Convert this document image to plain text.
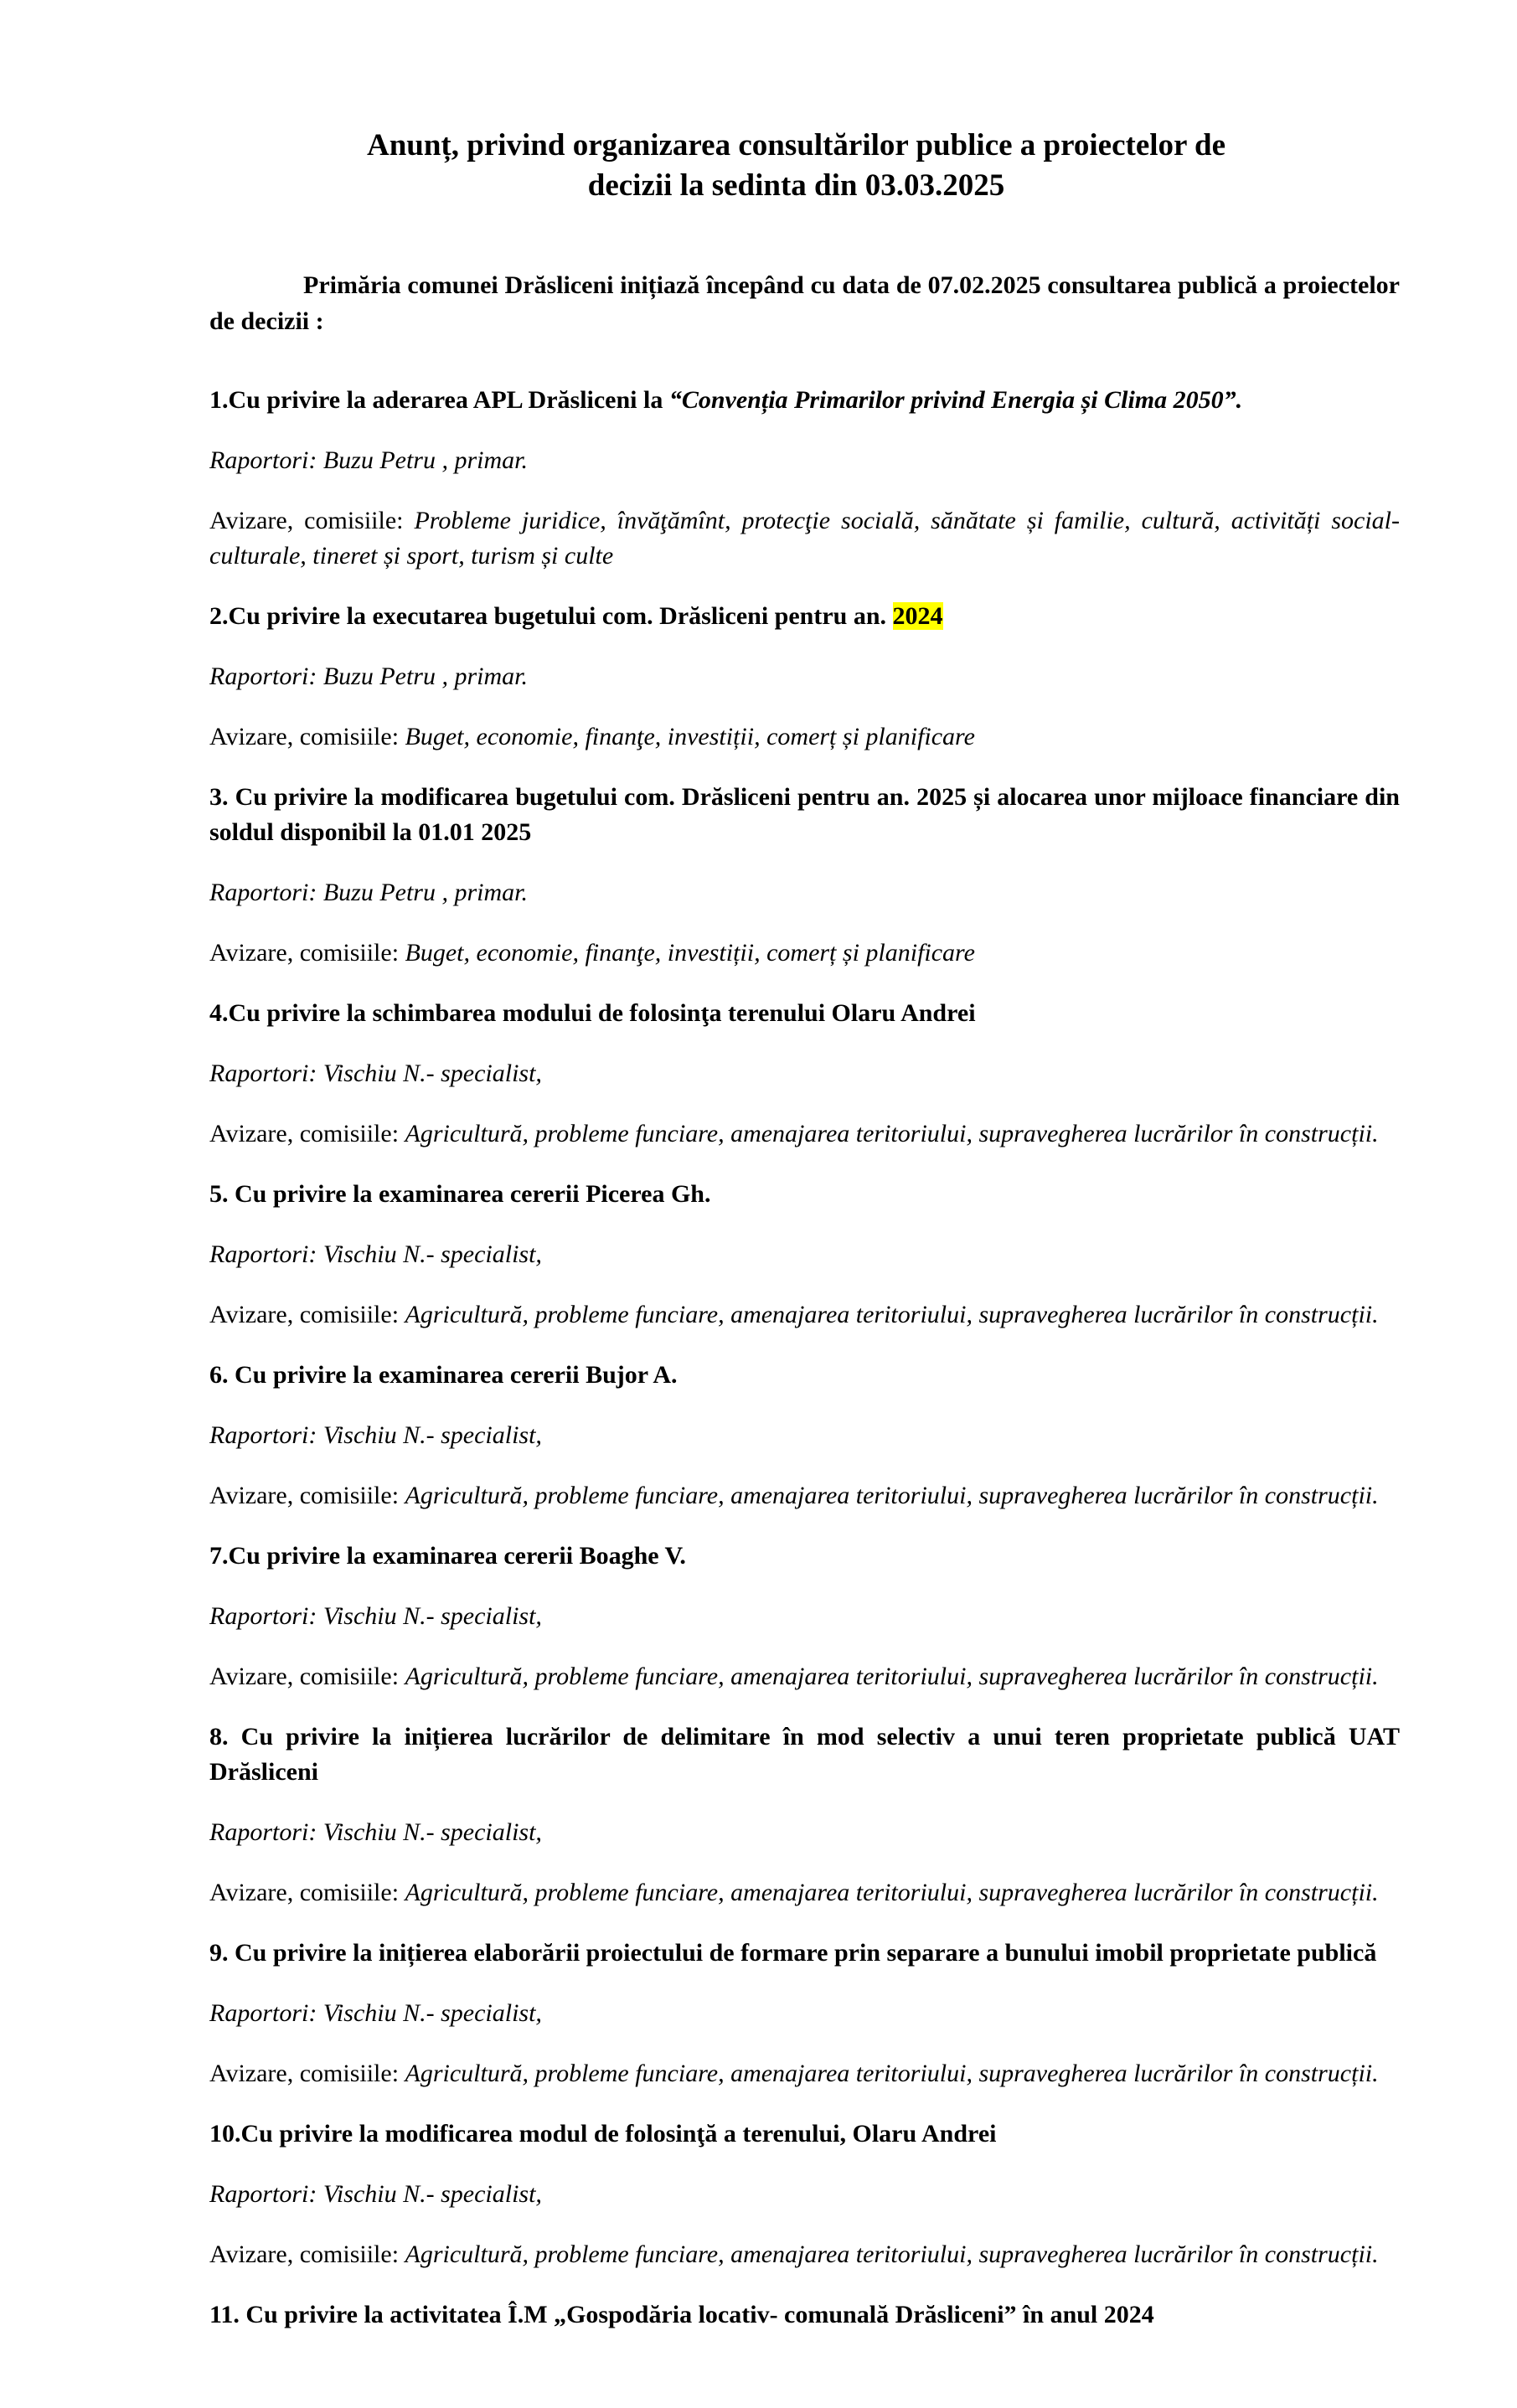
Anunț, privind organizarea consultărilor publice a proiectelor de
decizii la sedinta din 03.03.2025

Primăria comunei Drăsliceni inițiază începând cu data de 07.02.2025 consultarea publică a proiectelor de decizii :

1.Cu privire la aderarea APL Drăsliceni la “Convenția Primarilor privind Energia și Clima 2050”.

Raportori: Buzu Petru , primar.

Avizare, comisiile: Probleme juridice, învăţămînt, protecţie socială, sănătate și familie, cultură, activități social-culturale, tineret și sport, turism și culte

2.Cu privire la executarea bugetului com. Drăsliceni pentru an. 2024

Raportori: Buzu Petru , primar.

Avizare, comisiile: Buget, economie, finanţe, investiții, comerț și planificare

3. Cu privire la modificarea bugetului com. Drăsliceni pentru an. 2025 și alocarea unor mijloace financiare din soldul disponibil la 01.01 2025

Raportori: Buzu Petru , primar.

Avizare, comisiile: Buget, economie, finanţe, investiții, comerț și planificare

4.Cu privire la schimbarea modului de folosinţa terenului Olaru Andrei

Raportori: Vischiu N.- specialist,

Avizare, comisiile: Agricultură, probleme funciare, amenajarea teritoriului, supravegherea lucrărilor în construcții.

5. Cu privire la examinarea cererii Picerea Gh.

Raportori: Vischiu N.- specialist,

Avizare, comisiile: Agricultură, probleme funciare, amenajarea teritoriului, supravegherea lucrărilor în construcții.

6. Cu privire la examinarea cererii Bujor A.

Raportori: Vischiu N.- specialist,

Avizare, comisiile: Agricultură, probleme funciare, amenajarea teritoriului, supravegherea lucrărilor în construcții.

7.Cu privire la examinarea cererii Boaghe V.

Raportori: Vischiu N.- specialist,

Avizare, comisiile: Agricultură, probleme funciare, amenajarea teritoriului, supravegherea lucrărilor în construcții.

8. Cu privire la inițierea lucrărilor de delimitare în mod selectiv a unui teren proprietate publică UAT Drăsliceni

Raportori: Vischiu N.- specialist,

Avizare, comisiile: Agricultură, probleme funciare, amenajarea teritoriului, supravegherea lucrărilor în construcții.

9. Cu privire la inițierea elaborării proiectului de formare prin separare a bunului imobil proprietate publică

Raportori: Vischiu N.- specialist,

Avizare, comisiile: Agricultură, probleme funciare, amenajarea teritoriului, supravegherea lucrărilor în construcții.

10.Cu privire la modificarea modul de folosinţă a terenului, Olaru Andrei

Raportori: Vischiu N.- specialist,

Avizare, comisiile: Agricultură, probleme funciare, amenajarea teritoriului, supravegherea lucrărilor în construcții.

11. Cu privire la activitatea Î.M „Gospodăria locativ- comunală Drăsliceni” în anul 2024
